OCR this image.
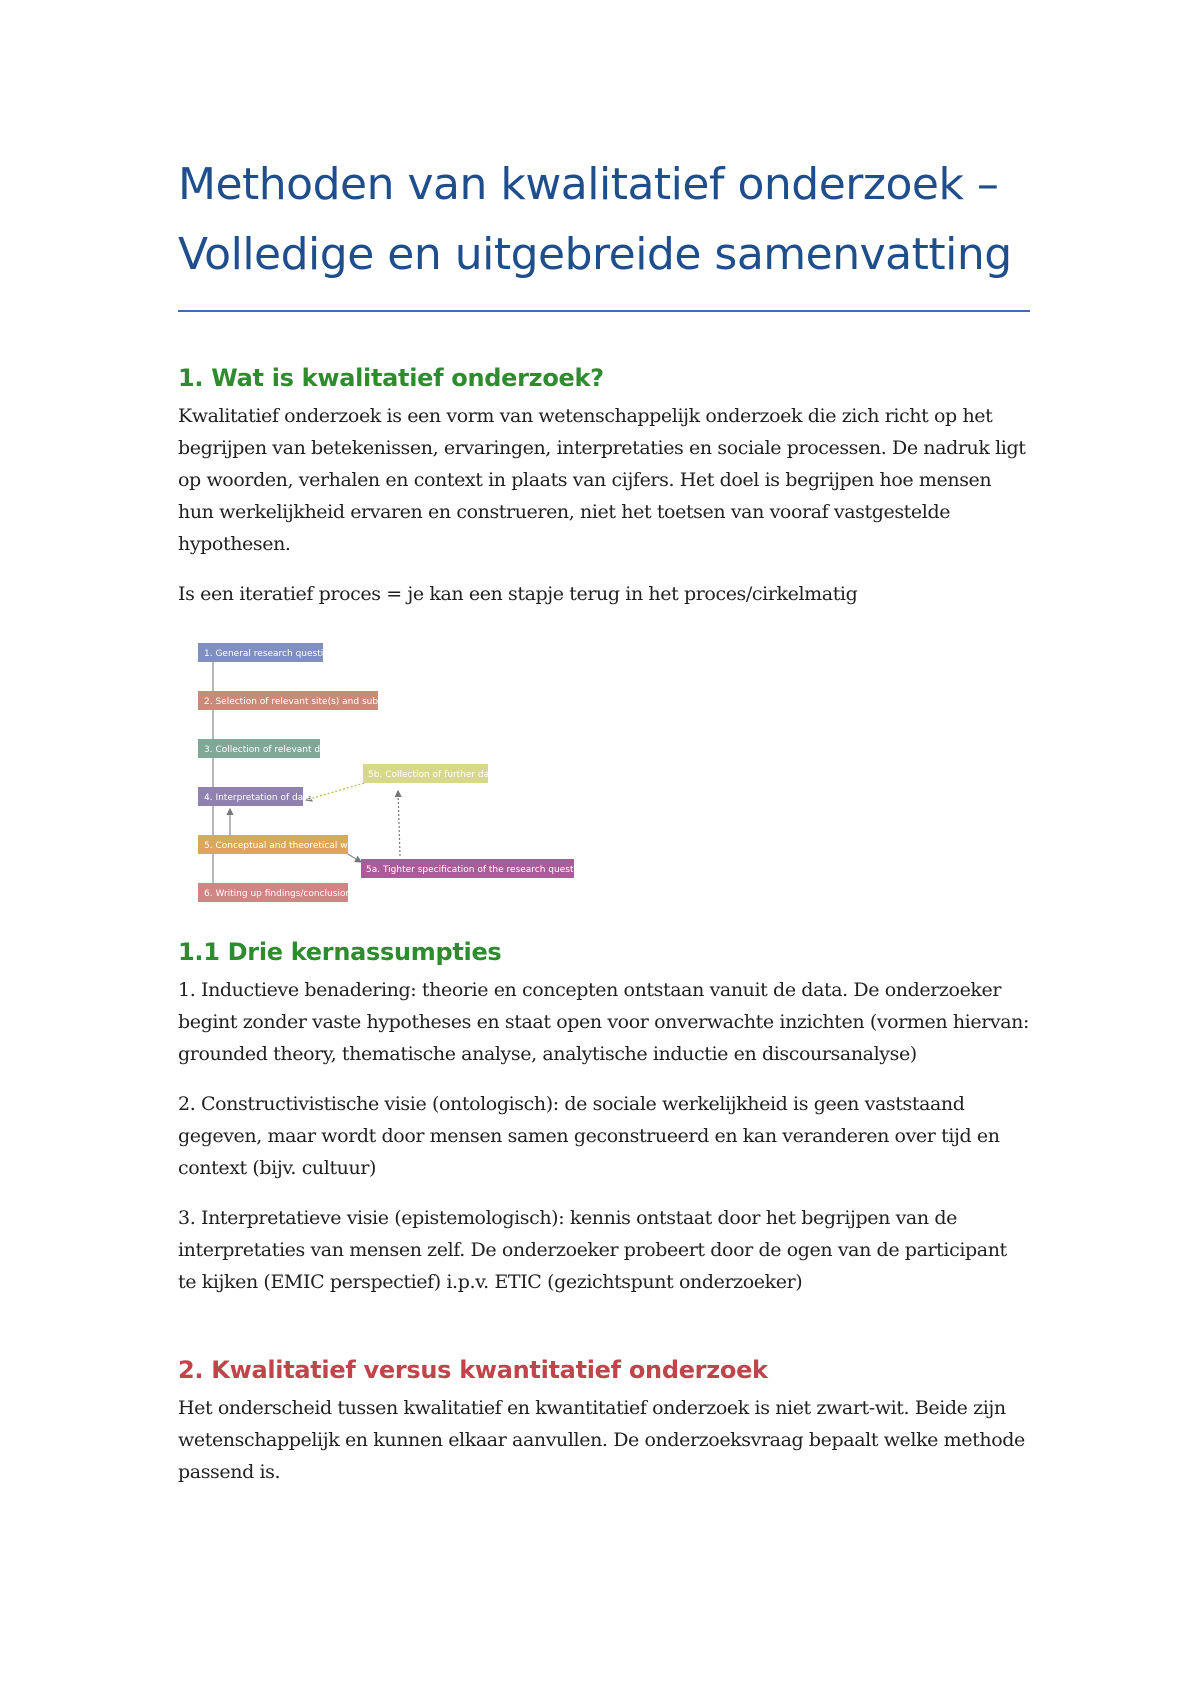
Methoden van kwalitatief onderzoek –
Volledige en uitgebreide samenvatting
1. Wat is kwalitatief onderzoek?

Kwalitatief onderzoek is een vorm van wetenschappelijk onderzoek die zich richt op het begrijpen van betekenissen, ervaringen, interpretaties en sociale processen. De nadruk ligt op woorden, verhalen en context in plaats van cijfers. Het doel is begrijpen hoe mensen hun werkelijkheid ervaren en construeren, niet het toetsen van vooraf vastgestelde hypothesen.

Is een iteratief proces = je kan een stapje terug in het proces/cirkelmatig

1. General research questions
2. Selection of relevant site(s) and subjects
3. Collection of relevant data
4. Interpretation of data
5. Conceptual and theoretical work
6. Writing up findings/conclusions
5b. Collection of further data
5a. Tighter specification of the research question(s)
1.1 Drie kernassumpties

1. Inductieve benadering: theorie en concepten ontstaan vanuit de data. De onderzoeker begint zonder vaste hypotheses en staat open voor onverwachte inzichten (vormen hiervan: grounded theory, thematische analyse, analytische inductie en discoursanalyse)

2. Constructivistische visie (ontologisch): de sociale werkelijkheid is geen vaststaand gegeven, maar wordt door mensen samen geconstrueerd en kan veranderen over tijd en context (bijv. cultuur)

3. Interpretatieve visie (epistemologisch): kennis ontstaat door het begrijpen van de interpretaties van mensen zelf. De onderzoeker probeert door de ogen van de participant te kijken (EMIC perspectief) i.p.v. ETIC (gezichtspunt onderzoeker)

2. Kwalitatief versus kwantitatief onderzoek

Het onderscheid tussen kwalitatief en kwantitatief onderzoek is niet zwart-wit. Beide zijn wetenschappelijk en kunnen elkaar aanvullen. De onderzoeksvraag bepaalt welke methode passend is.
